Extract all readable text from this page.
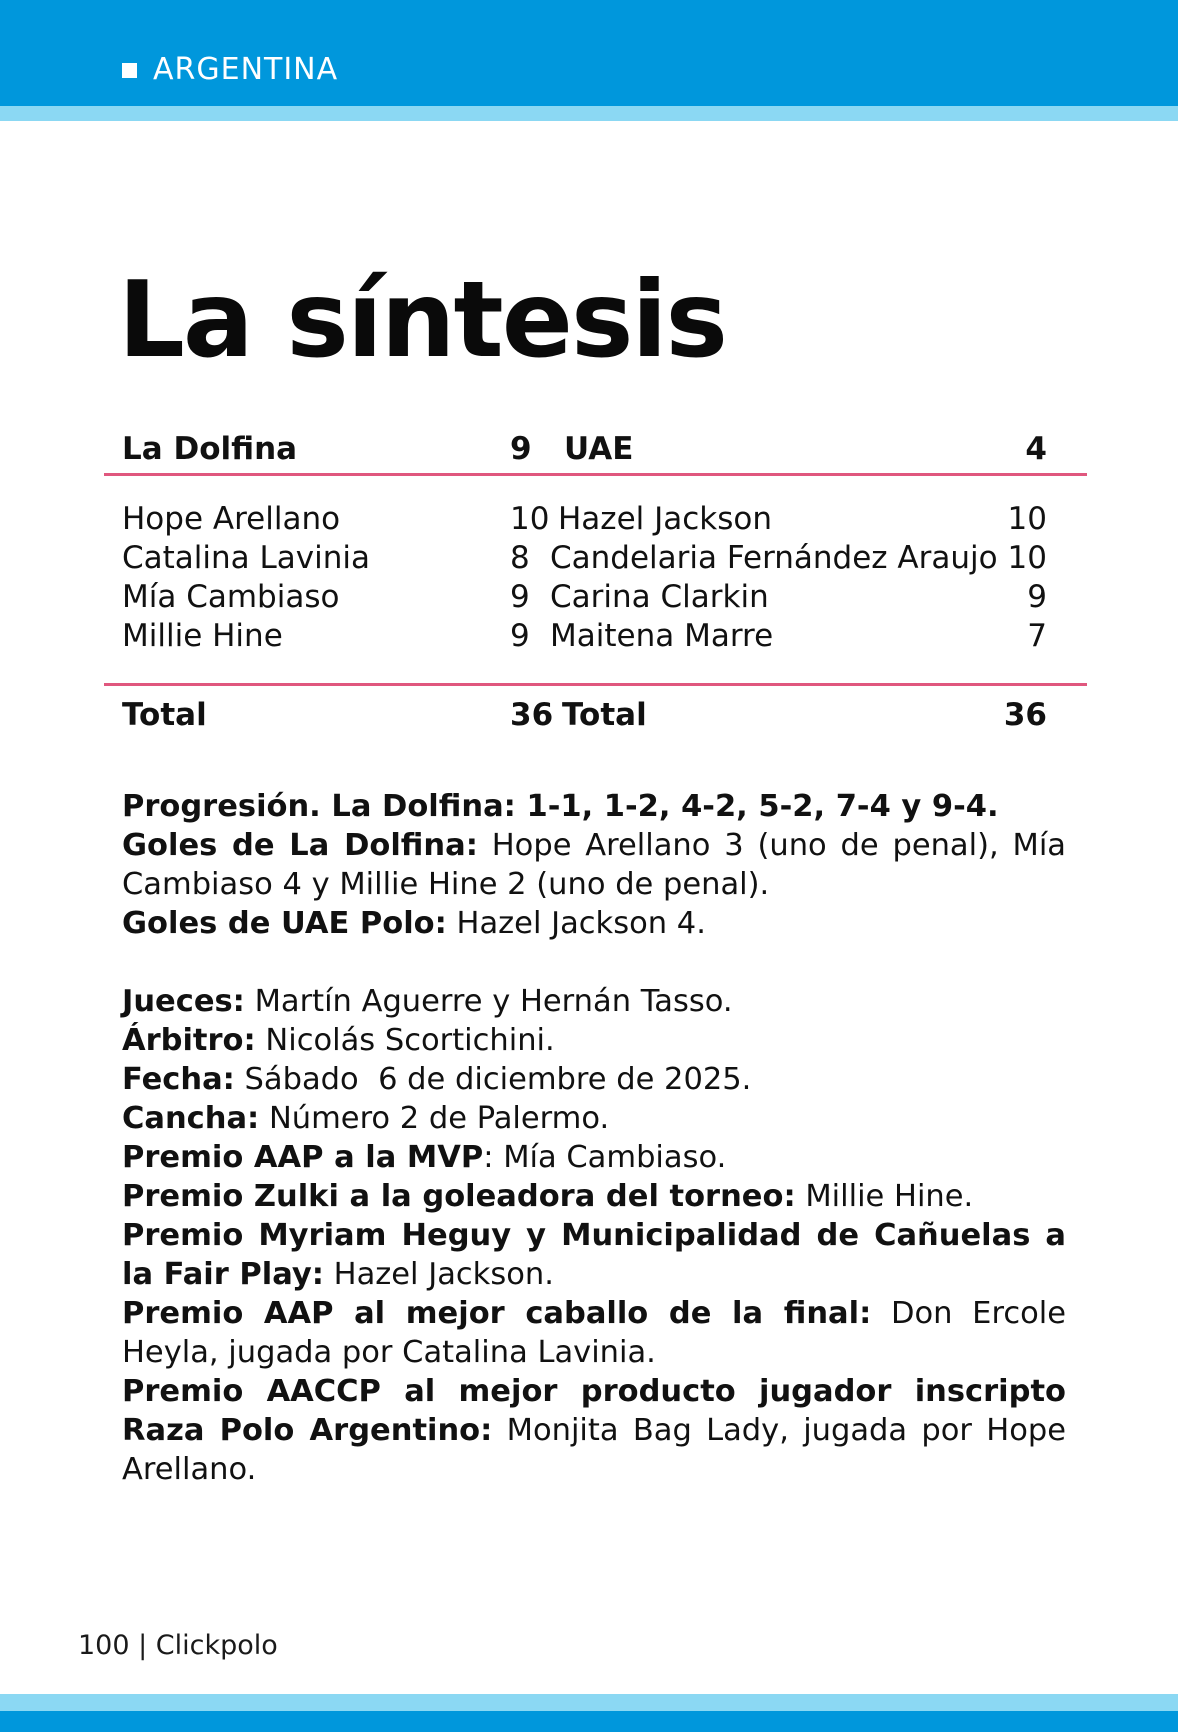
ARGENTINA
La síntesis
La Dolfina	9 UAE	4
Hope Arellano	10 Hazel Jackson	10
Catalina Lavinia	8 Candelaria Fernández Araujo 10
Mía Cambiaso	9 Carina Clarkin	9
Millie Hine	9 Maitena Marre	7
Total	36 Total	36

Progresión. La Dolfina: 1-1, 1-2, 4-2, 5-2, 7-4 y 9-4.

Goles de La Dolfina: Hope Arellano 3 (uno de penal), Mía Cambiaso 4 y Millie Hine 2 (uno de penal).

Goles de UAE Polo: Hazel Jackson 4.

Jueces: Martín Aguerre y Hernán Tasso.

Árbitro: Nicolás Scortichini.

Fecha: Sábado  6 de diciembre de 2025.

Cancha: Número 2 de Palermo.

Premio AAP a la MVP: Mía Cambiaso.

Premio Zulki a la goleadora del torneo: Millie Hine.

Premio Myriam Heguy y Municipalidad de Cañuelas a la Fair Play: Hazel Jackson.

Premio AAP al mejor caballo de la final: Don Ercole Heyla, jugada por Catalina Lavinia.

Premio AACCP al mejor producto jugador inscripto Raza Polo Argentino: Monjita Bag Lady, jugada por Hope Arellano.

100 | Clickpolo
